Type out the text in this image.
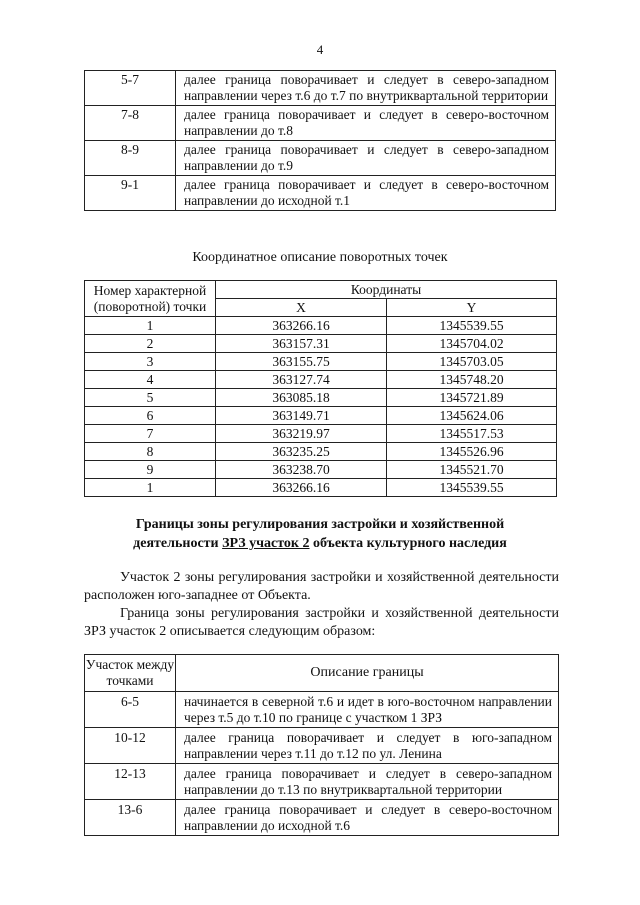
4
5-7	далее граница поворачивает и следует в северо-западном направлении через т.6 до т.7 по внутриквартальной территории
7-8	далее граница поворачивает и следует в северо-восточном направлении до т.8
8-9	далее граница поворачивает и следует в северо-западном направлении до т.9
9-1	далее граница поворачивает и следует в северо-восточном направлении до исходной т.1
Координатное описание поворотных точек
Номер характерной (поворотной) точки	Координаты	
	X	Y
1	363266.16	1345539.55
2	363157.31	1345704.02
3	363155.75	1345703.05
4	363127.74	1345748.20
5	363085.18	1345721.89
6	363149.71	1345624.06
7	363219.97	1345517.53
8	363235.25	1345526.96
9	363238.70	1345521.70
1	363266.16	1345539.55
Границы зоны регулирования застройки и хозяйственной
деятельности ЗРЗ участок 2 объекта культурного наследия
Участок 2 зоны регулирования застройки и хозяйственной деятельности расположен юго-западнее от Объекта.
Граница зоны регулирования застройки и хозяйственной деятельности ЗРЗ участок 2 описывается следующим образом:
Участок между точками	Описание границы
6-5	начинается в северной т.6 и идет в юго-восточном направлении через т.5 до т.10 по границе с участком 1 ЗРЗ
10-12	далее граница поворачивает и следует в юго-западном направлении через т.11 до т.12 по ул. Ленина
12-13	далее граница поворачивает и следует в северо-западном направлении до т.13 по внутриквартальной территории
13-6	далее граница поворачивает и следует в северо-восточном направлении до исходной т.6
